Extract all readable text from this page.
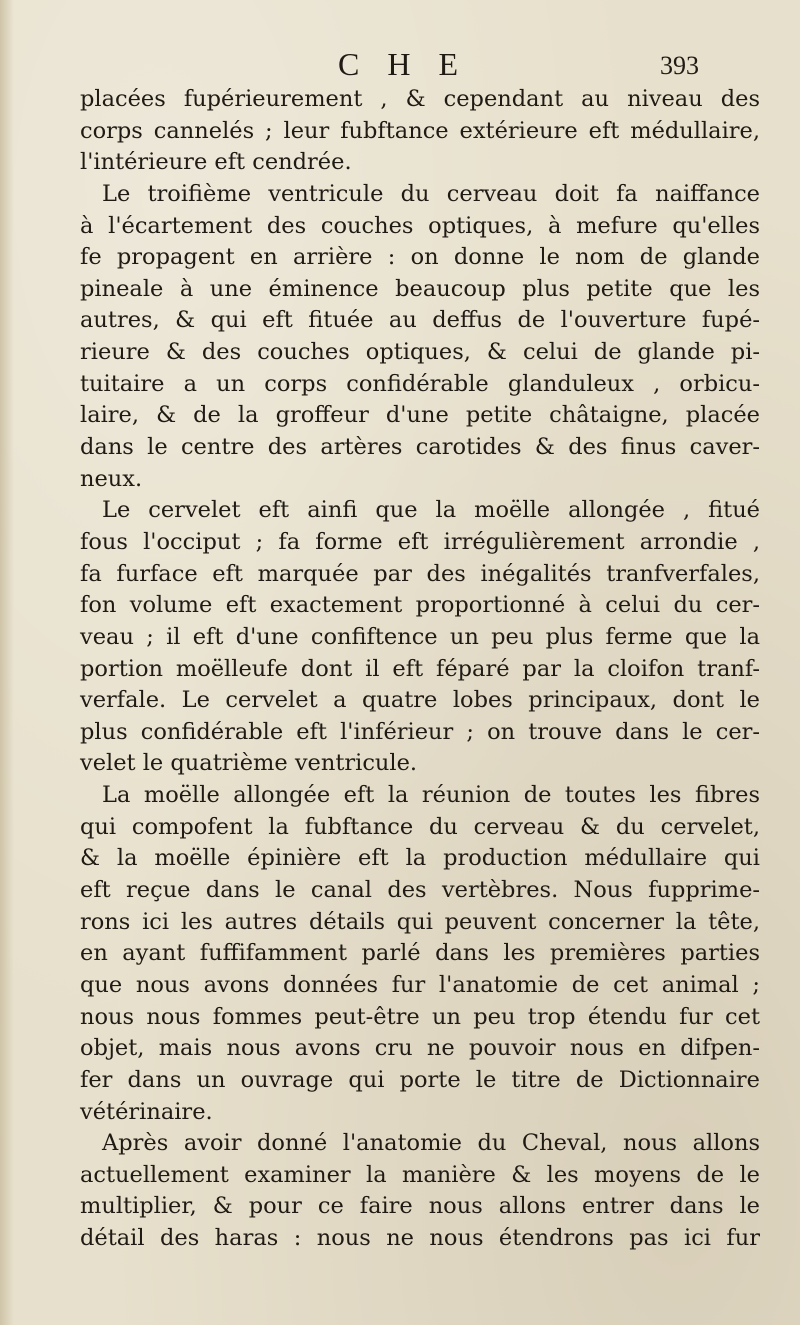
C H E	393
placées fupérieurement , & cependant au niveau des
corps cannelés ; leur fubftance extérieure eft médullaire,
l'intérieure eft cendrée.
Le troifième ventricule du cerveau doit fa naiffance
à l'écartement des couches optiques, à mefure qu'elles
fe propagent en arrière : on donne le nom de glande
pineale à une éminence beaucoup plus petite que les
autres, & qui eft fituée au deffus de l'ouverture fupé-
rieure & des couches optiques, & celui de glande pi-
tuitaire a un corps confidérable glanduleux , orbicu-
laire, & de la groffeur d'une petite châtaigne, placée
dans le centre des artères carotides & des finus caver-
neux.
Le cervelet eft ainfi que la moëlle allongée , fitué
fous l'occiput ; fa forme eft irrégulièrement arrondie ,
fa furface eft marquée par des inégalités tranfverfales,
fon volume eft exactement proportionné à celui du cer-
veau ; il eft d'une confiftence un peu plus ferme que la
portion moëlleufe dont il eft féparé par la cloifon tranf-
verfale. Le cervelet a quatre lobes principaux, dont le
plus confidérable eft l'inférieur ; on trouve dans le cer-
velet le quatrième ventricule.
La moëlle allongée eft la réunion de toutes les fibres
qui compofent la fubftance du cerveau & du cervelet,
& la moëlle épinière eft la production médullaire qui
eft reçue dans le canal des vertèbres. Nous fupprime-
rons ici les autres détails qui peuvent concerner la tête,
en ayant fuffifamment parlé dans les premières parties
que nous avons données fur l'anatomie de cet animal ;
nous nous fommes peut-être un peu trop étendu fur cet
objet, mais nous avons cru ne pouvoir nous en difpen-
fer dans un ouvrage qui porte le titre de Dictionnaire
vétérinaire.
Après avoir donné l'anatomie du Cheval, nous allons
actuellement examiner la manière & les moyens de le
multiplier, & pour ce faire nous allons entrer dans le
détail des haras : nous ne nous étendrons pas ici fur
